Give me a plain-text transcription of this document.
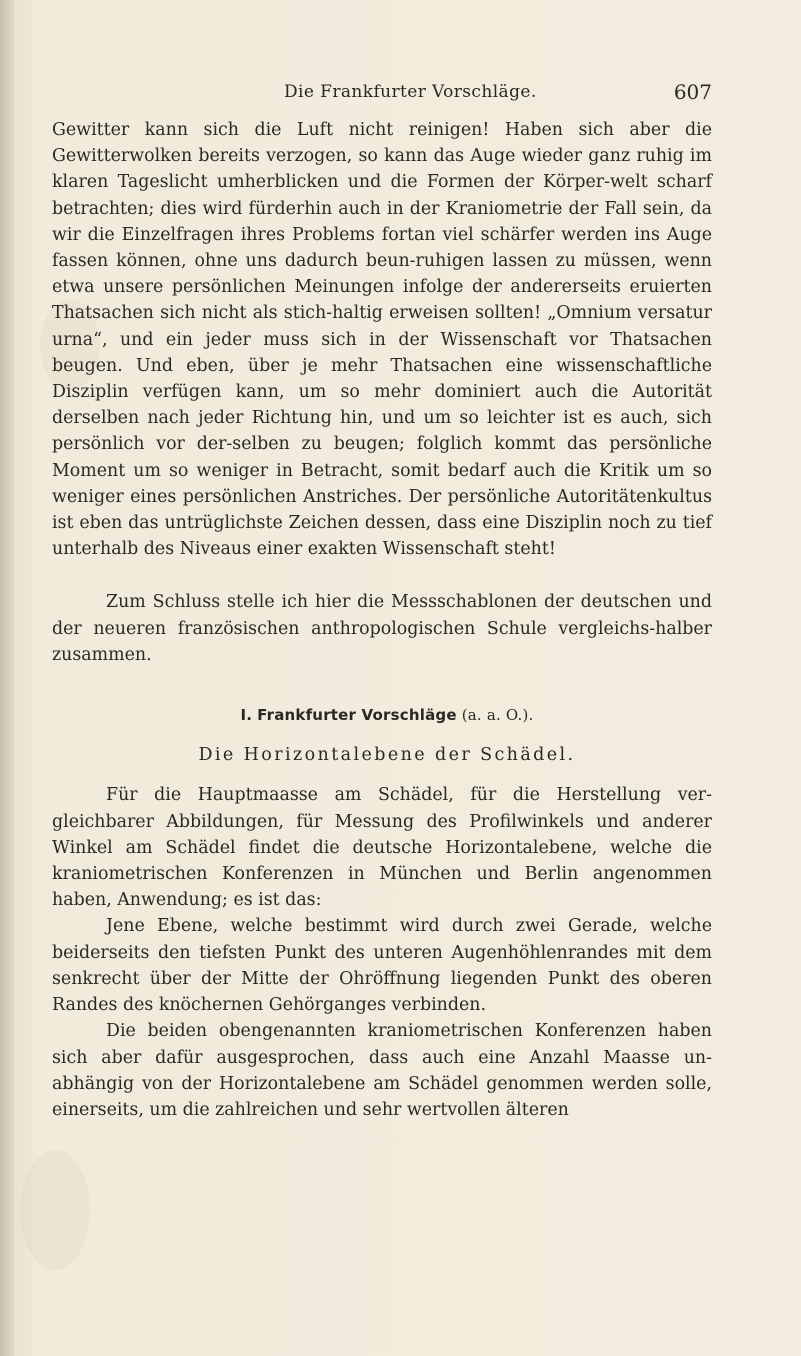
Die Frankfurter Vorschläge.	607

Gewitter kann sich die Luft nicht reinigen! Haben sich aber die Gewitterwolken bereits verzogen, so kann das Auge wieder ganz ruhig im klaren Tageslicht umherblicken und die Formen der Körper-welt scharf betrachten; dies wird fürderhin auch in der Kraniometrie der Fall sein, da wir die Einzelfragen ihres Problems fortan viel schärfer werden ins Auge fassen können, ohne uns dadurch beun-ruhigen lassen zu müssen, wenn etwa unsere persönlichen Meinungen infolge der andererseits eruierten Thatsachen sich nicht als stich-haltig erweisen sollten! „Omnium versatur urna“, und ein jeder muss sich in der Wissenschaft vor Thatsachen beugen. Und eben, über je mehr Thatsachen eine wissenschaftliche Disziplin verfügen kann, um so mehr dominiert auch die Autorität derselben nach jeder Richtung hin, und um so leichter ist es auch, sich persönlich vor der-selben zu beugen; folglich kommt das persönliche Moment um so weniger in Betracht, somit bedarf auch die Kritik um so weniger eines persönlichen Anstriches. Der persönliche Autoritätenkultus ist eben das untrüglichste Zeichen dessen, dass eine Disziplin noch zu tief unterhalb des Niveaus einer exakten Wissenschaft steht!

Zum Schluss stelle ich hier die Messschablonen der deutschen und der neueren französischen anthropologischen Schule vergleichs-halber zusammen.

I. Frankfurter Vorschläge (a. a. O.).

Die Horizontalebene der Schädel.

Für die Hauptmaasse am Schädel, für die Herstellung ver-gleichbarer Abbildungen, für Messung des Profilwinkels und anderer Winkel am Schädel findet die deutsche Horizontalebene, welche die kraniometrischen Konferenzen in München und Berlin angenommen haben, Anwendung; es ist das:

Jene Ebene, welche bestimmt wird durch zwei Gerade, welche beiderseits den tiefsten Punkt des unteren Augenhöhlenrandes mit dem senkrecht über der Mitte der Ohröffnung liegenden Punkt des oberen Randes des knöchernen Gehörganges verbinden.

Die beiden obengenannten kraniometrischen Konferenzen haben sich aber dafür ausgesprochen, dass auch eine Anzahl Maasse un-abhängig von der Horizontalebene am Schädel genommen werden solle, einerseits, um die zahlreichen und sehr wertvollen älteren
